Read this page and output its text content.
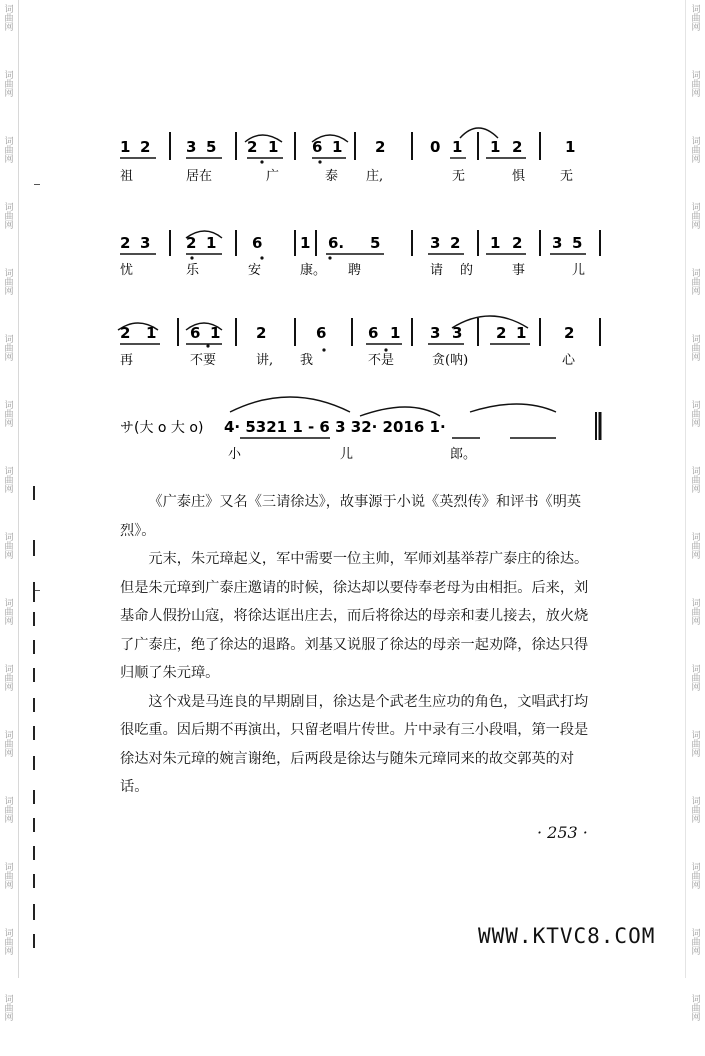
词
曲
网
词
曲
网
词
曲
网
词
曲
网
词
曲
网
词
曲
网
词
曲
网
词
曲
网
词
曲
网
词
曲
网
词
曲
网
词
曲
网
词
曲
网
词
曲
网
词
曲
网
词
曲
网
词
曲
网
词
曲
网
词
曲
网
词
曲
网
词
曲
网
词
曲
网
词
曲
网
词
曲
网
词
曲
网
词
曲
网
词
曲
网
词
曲
网
词
曲
网
词
曲
网
词
曲
网
词
曲
网
1 2 3 5 2 1 6 1 2	0 1 1 2	1
祖	居在	广	泰 庄,	无	惧	无
2 3 2 1 6	1 6. 5	3 2 1 2 3 5
忧	乐	安	康。 聘	请 的	事	儿
2 1 6 1 2	6	6 1 3 3 2 1	2
再	不要	讲, 我	不是	贪(呐)	心
サ(大 o 大 o) 4· 5321 1 - 6 3 32· 2016 1·
小	儿	郎。

《广泰庄》又名《三请徐达》，故事源于小说《英烈传》和评书《明英烈》。

元末，朱元璋起义，军中需要一位主帅，军师刘基举荐广泰庄的徐达。但是朱元璋到广泰庄邀请的时候，徐达却以要侍奉老母为由相拒。后来，刘基命人假扮山寇，将徐达诓出庄去，而后将徐达的母亲和妻儿接去，放火烧了广泰庄，绝了徐达的退路。刘基又说服了徐达的母亲一起劝降，徐达只得归顺了朱元璋。

这个戏是马连良的早期剧目，徐达是个武老生应功的角色，文唱武打均很吃重。因后期不再演出，只留老唱片传世。片中录有三小段唱，第一段是徐达对朱元璋的婉言谢绝，后两段是徐达与随朱元璋同来的故交郭英的对话。

· 253 ·
WWW.KTVC8.COM
